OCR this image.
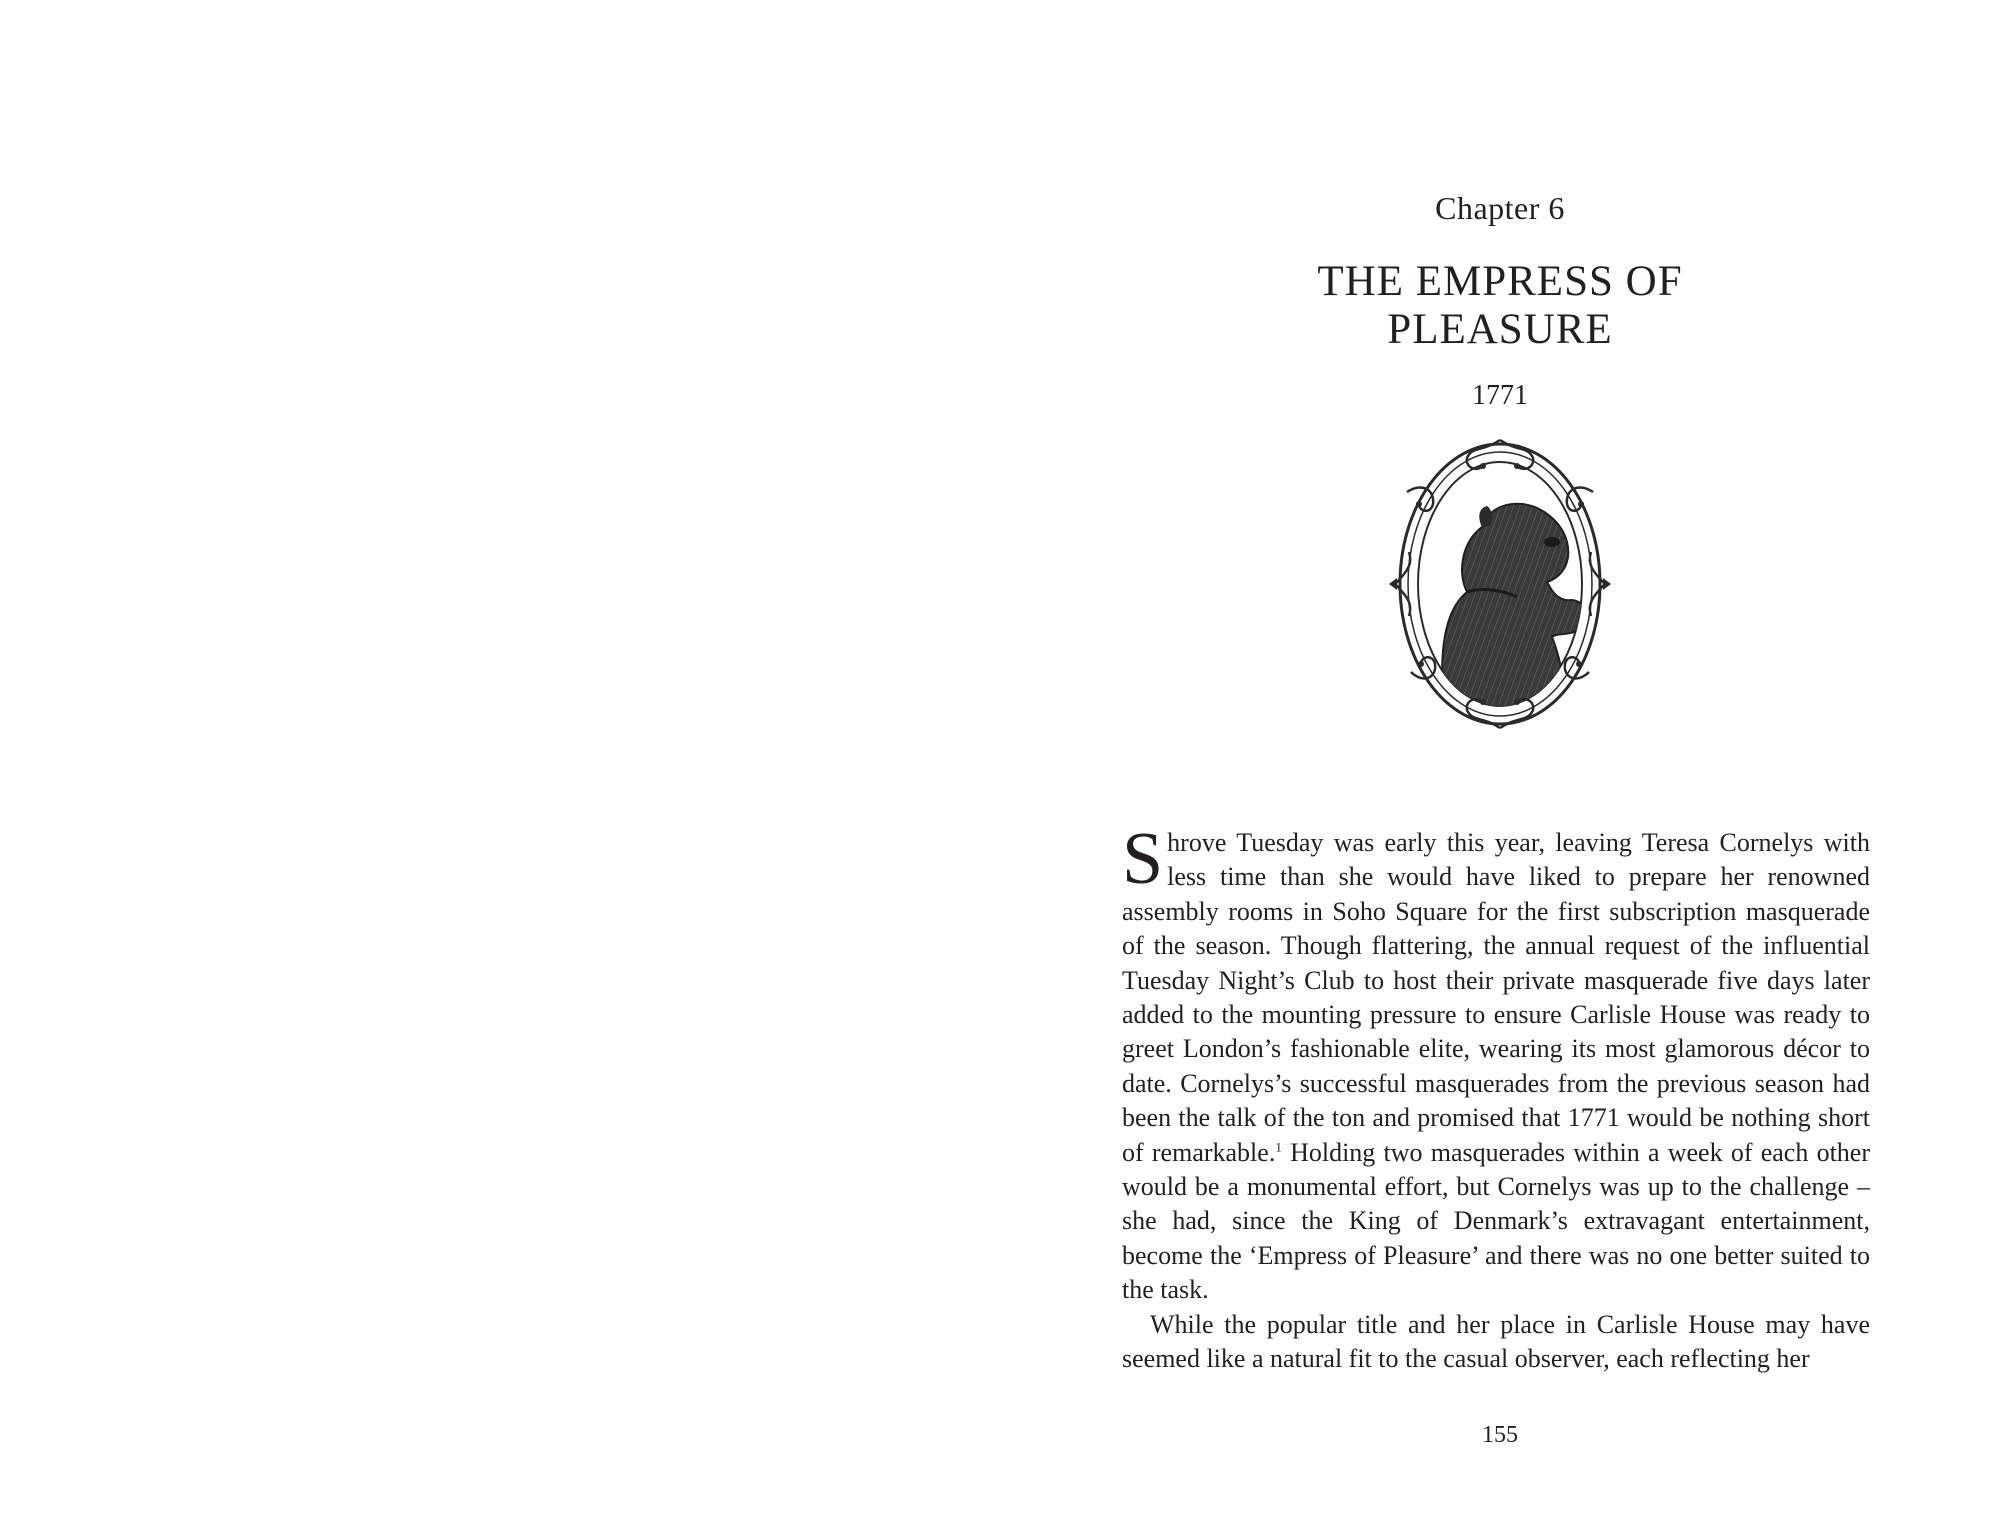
Chapter 6
THE EMPRESS OF
PLEASURE
1771

Shrove Tuesday was early this year, leaving Teresa Cornelys with less time than she would have liked to prepare her renowned assembly rooms in Soho Square for the first subscription masquerade of the season. Though flattering, the annual request of the influential Tuesday Night’s Club to host their private masquerade five days later added to the mounting pressure to ensure Carlisle House was ready to greet London’s fashionable elite, wearing its most glamorous décor to date. Cornelys’s successful masquerades from the previous season had been the talk of the ton and promised that 1771 would be nothing short of remarkable.$^1$ Holding two masquerades within a week of each other would be a monumental effort, but Cornelys was up to the challenge – she had, since the King of Denmark’s extravagant entertainment, become the ‘Empress of Pleasure’ and there was no one better suited to the task.

While the popular title and her place in Carlisle House may have seemed like a natural fit to the casual observer, each reflecting her

155
